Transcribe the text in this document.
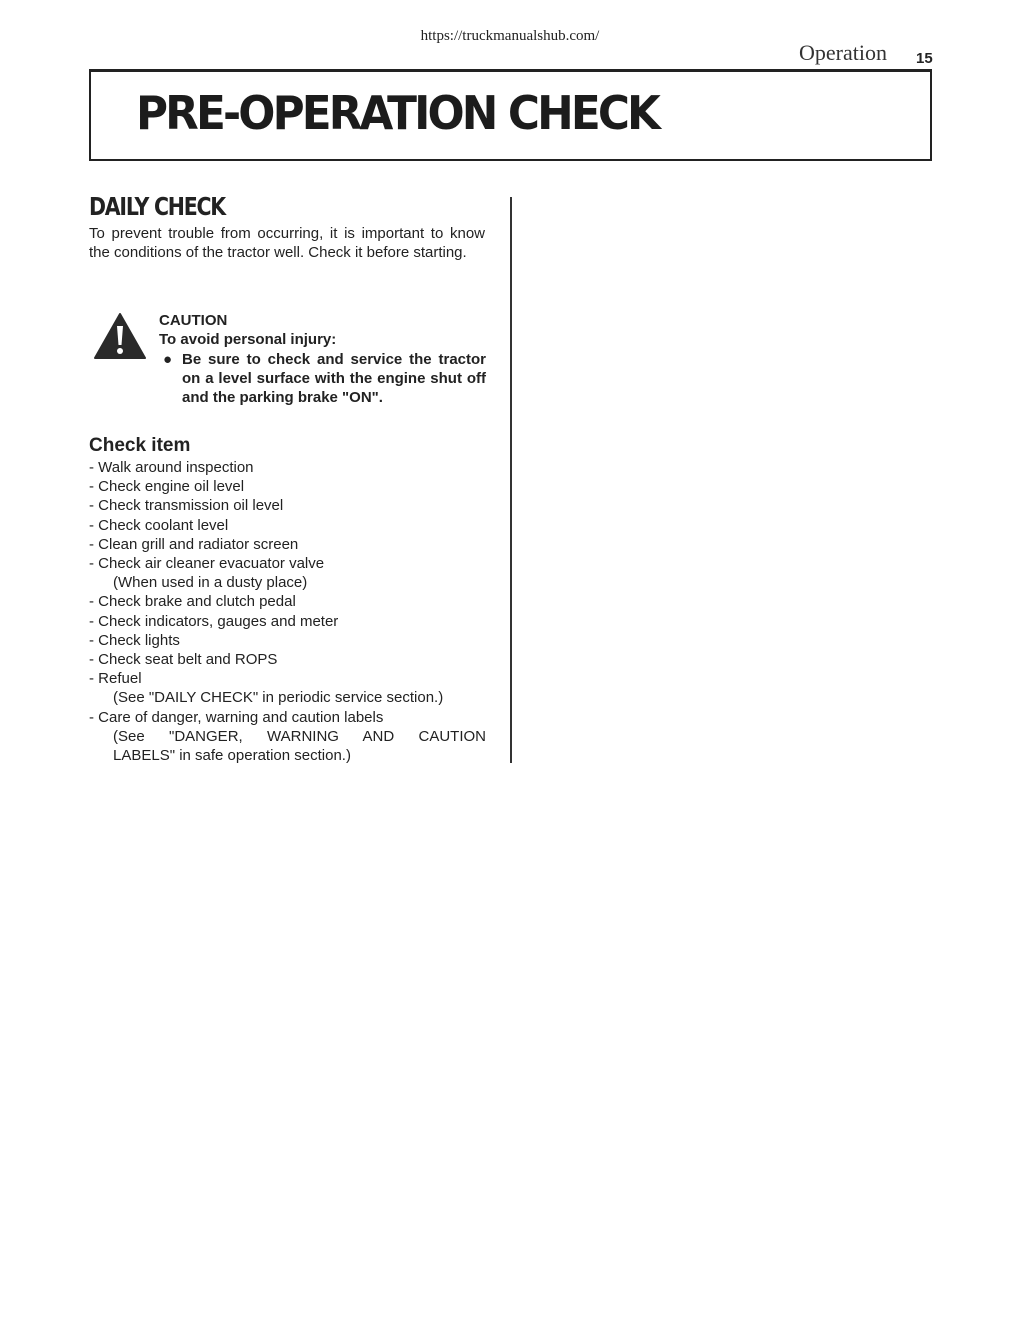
https://truckmanualshub.com/
Operation 15
PRE-OPERATION CHECK
DAILY CHECK
To prevent trouble from occurring, it is important to know the conditions of the tractor well. Check it before starting.
CAUTION
To avoid personal injury:
● Be sure to check and service the tractor on a level surface with the engine shut off and the parking brake "ON".
Check item
- Walk around inspection
- Check engine oil level
- Check transmission oil level
- Check coolant level
- Clean grill and radiator screen
- Check air cleaner evacuator valve
(When used in a dusty place)
- Check brake and clutch pedal
- Check indicators, gauges and meter
- Check lights
- Check seat belt and ROPS
- Refuel
(See "DAILY CHECK" in periodic service section.)
- Care of danger, warning and caution labels
(See "DANGER, WARNING AND CAUTION
LABELS" in safe operation section.)
